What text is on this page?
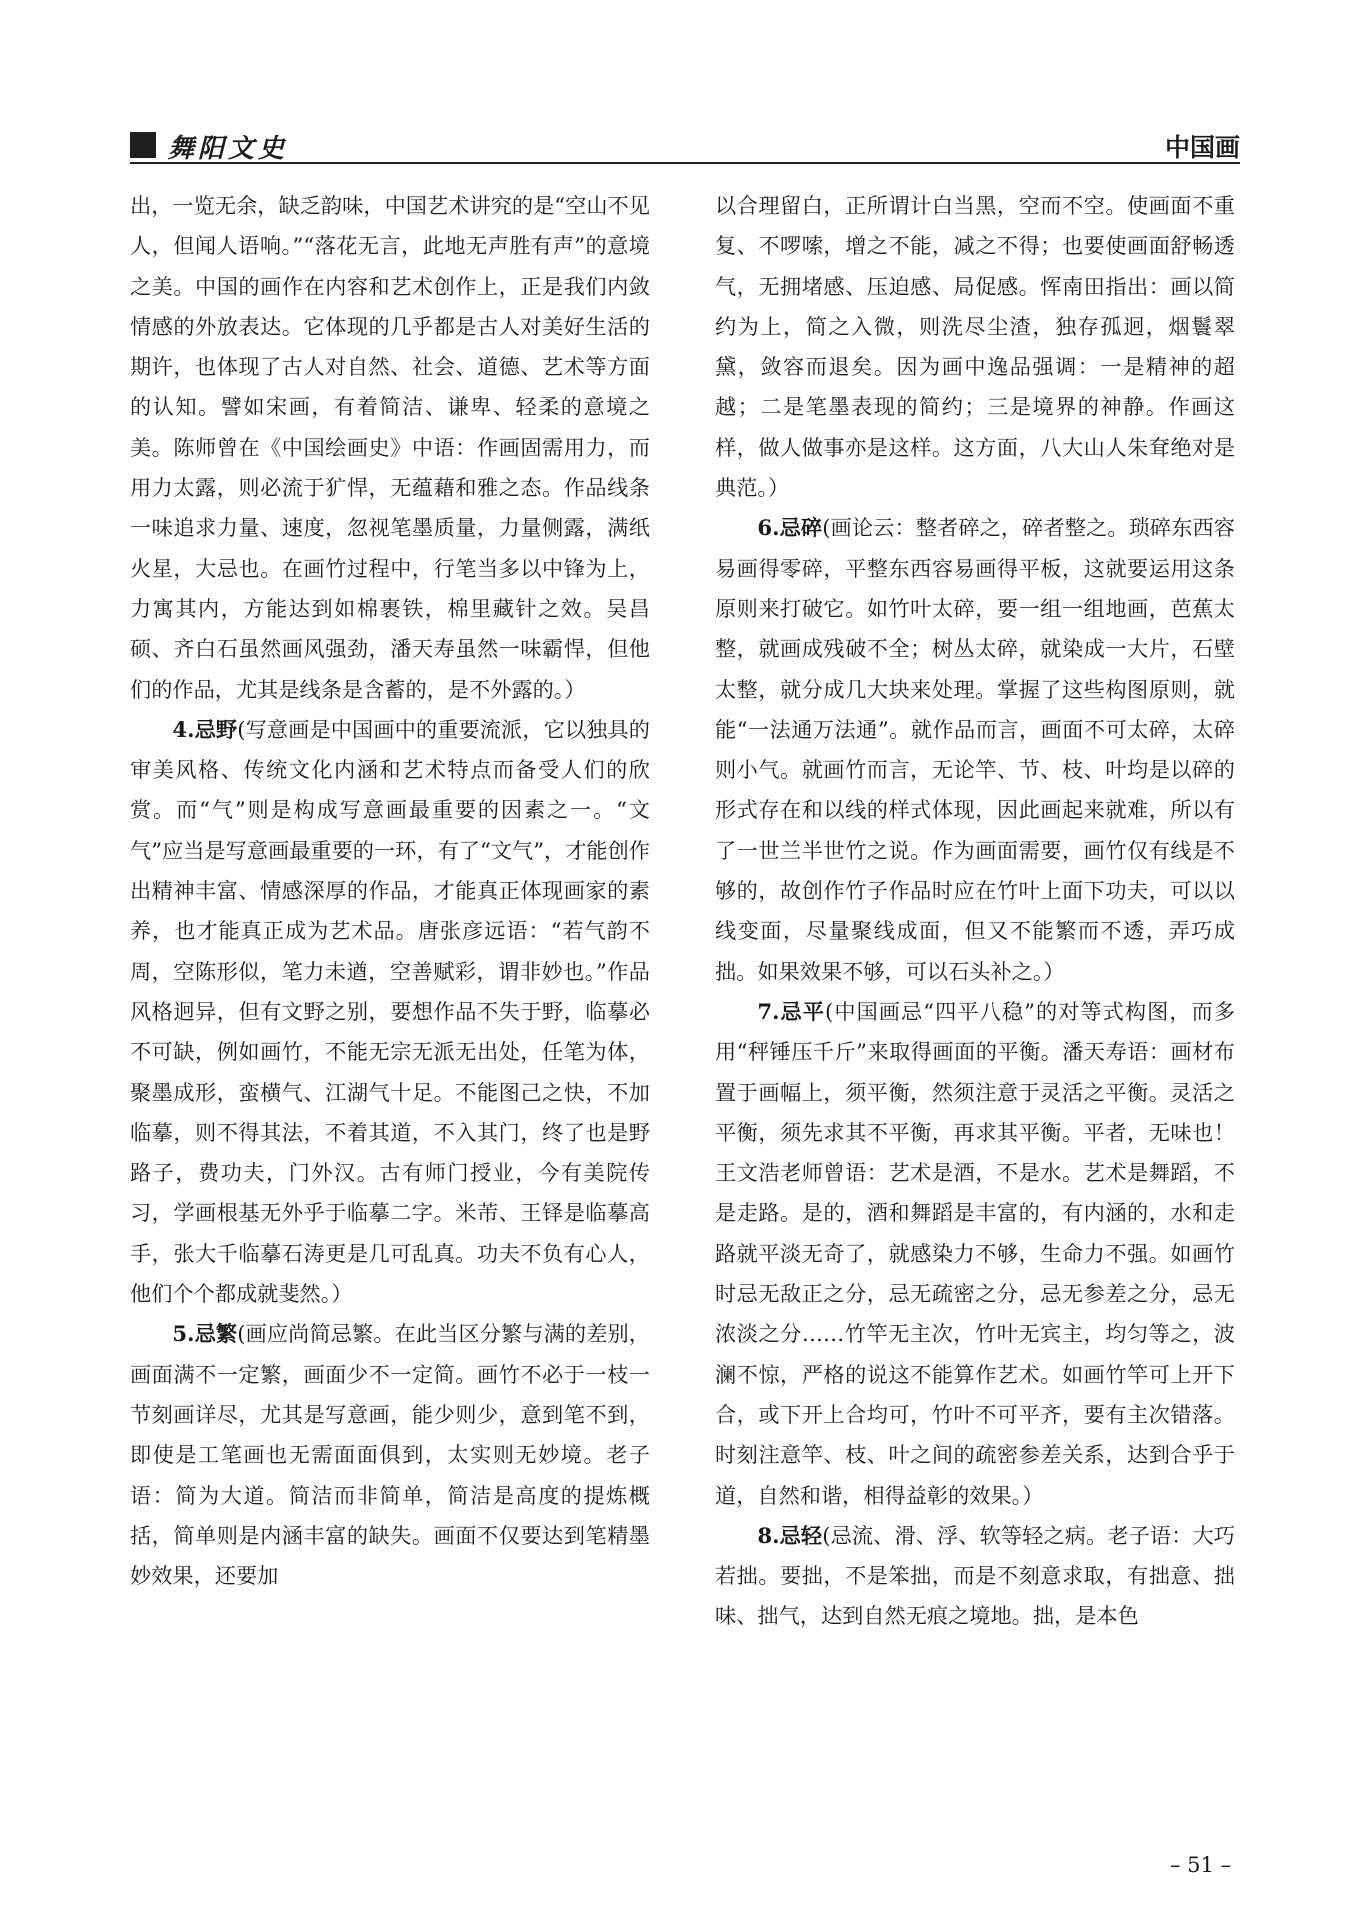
舞阳文史	中国画

出，一览无余，缺乏韵味，中国艺术讲究的是“空山不见人，但闻人语响。”“落花无言，此地无声胜有声”的意境之美。中国的画作在内容和艺术创作上，正是我们内敛情感的外放表达。它体现的几乎都是古人对美好生活的期许，也体现了古人对自然、社会、道德、艺术等方面的认知。譬如宋画，有着简洁、谦卑、轻柔的意境之美。陈师曾在《中国绘画史》中语：作画固需用力，而用力太露，则必流于犷悍，无蕴藉和雅之态。作品线条一味追求力量、速度，忽视笔墨质量，力量侧露，满纸火星，大忌也。在画竹过程中，行笔当多以中锋为上，力寓其内，方能达到如棉裹铁，棉里藏针之效。吴昌硕、齐白石虽然画风强劲，潘天寿虽然一味霸悍，但他们的作品，尤其是线条是含蓄的，是不外露的。）

4.忌野(写意画是中国画中的重要流派，它以独具的审美风格、传统文化内涵和艺术特点而备受人们的欣赏。而“气”则是构成写意画最重要的因素之一。“文气”应当是写意画最重要的一环，有了“文气”，才能创作出精神丰富、情感深厚的作品，才能真正体现画家的素养，也才能真正成为艺术品。唐张彦远语：“若气韵不周，空陈形似，笔力未遒，空善赋彩，谓非妙也。”作品风格迥异，但有文野之别，要想作品不失于野，临摹必不可缺，例如画竹，不能无宗无派无出处，任笔为体，聚墨成形，蛮横气、江湖气十足。不能图己之快，不加临摹，则不得其法，不着其道，不入其门，终了也是野路子，费功夫，门外汉。古有师门授业，今有美院传习，学画根基无外乎于临摹二字。米芾、王铎是临摹高手，张大千临摹石涛更是几可乱真。功夫不负有心人，他们个个都成就斐然。）

5.忌繁(画应尚简忌繁。在此当区分繁与满的差别，画面满不一定繁，画面少不一定简。画竹不必于一枝一节刻画详尽，尤其是写意画，能少则少，意到笔不到，即使是工笔画也无需面面俱到，太实则无妙境。老子语：简为大道。简洁而非简单，简洁是高度的提炼概括，简单则是内涵丰富的缺失。画面不仅要达到笔精墨妙效果，还要加

以合理留白，正所谓计白当黑，空而不空。使画面不重复、不啰嗦，增之不能，减之不得；也要使画面舒畅透气，无拥堵感、压迫感、局促感。恽南田指出：画以简约为上，简之入微，则洗尽尘渣，独存孤迥，烟鬟翠黛，敛容而退矣。因为画中逸品强调：一是精神的超越；二是笔墨表现的简约；三是境界的神静。作画这样，做人做事亦是这样。这方面，八大山人朱耷绝对是典范。）

6.忌碎(画论云：整者碎之，碎者整之。琐碎东西容易画得零碎，平整东西容易画得平板，这就要运用这条原则来打破它。如竹叶太碎，要一组一组地画，芭蕉太整，就画成残破不全；树丛太碎，就染成一大片，石壁太整，就分成几大块来处理。掌握了这些构图原则，就能“一法通万法通”。就作品而言，画面不可太碎，太碎则小气。就画竹而言，无论竿、节、枝、叶均是以碎的形式存在和以线的样式体现，因此画起来就难，所以有了一世兰半世竹之说。作为画面需要，画竹仅有线是不够的，故创作竹子作品时应在竹叶上面下功夫，可以以线变面，尽量聚线成面，但又不能繁而不透，弄巧成拙。如果效果不够，可以石头补之。）

7.忌平(中国画忌“四平八稳”的对等式构图，而多用“秤锤压千斤”来取得画面的平衡。潘天寿语：画材布置于画幅上，须平衡，然须注意于灵活之平衡。灵活之平衡，须先求其不平衡，再求其平衡。平者，无味也！王文浩老师曾语：艺术是酒，不是水。艺术是舞蹈，不是走路。是的，酒和舞蹈是丰富的，有内涵的，水和走路就平淡无奇了，就感染力不够，生命力不强。如画竹时忌无敌正之分，忌无疏密之分，忌无参差之分，忌无浓淡之分……竹竿无主次，竹叶无宾主，均匀等之，波澜不惊，严格的说这不能算作艺术。如画竹竿可上开下合，或下开上合均可，竹叶不可平齐，要有主次错落。时刻注意竿、枝、叶之间的疏密参差关系，达到合乎于道，自然和谐，相得益彰的效果。）

8.忌轻(忌流、滑、浮、软等轻之病。老子语：大巧若拙。要拙，不是笨拙，而是不刻意求取，有拙意、拙味、拙气，达到自然无痕之境地。拙，是本色

– 51 –
